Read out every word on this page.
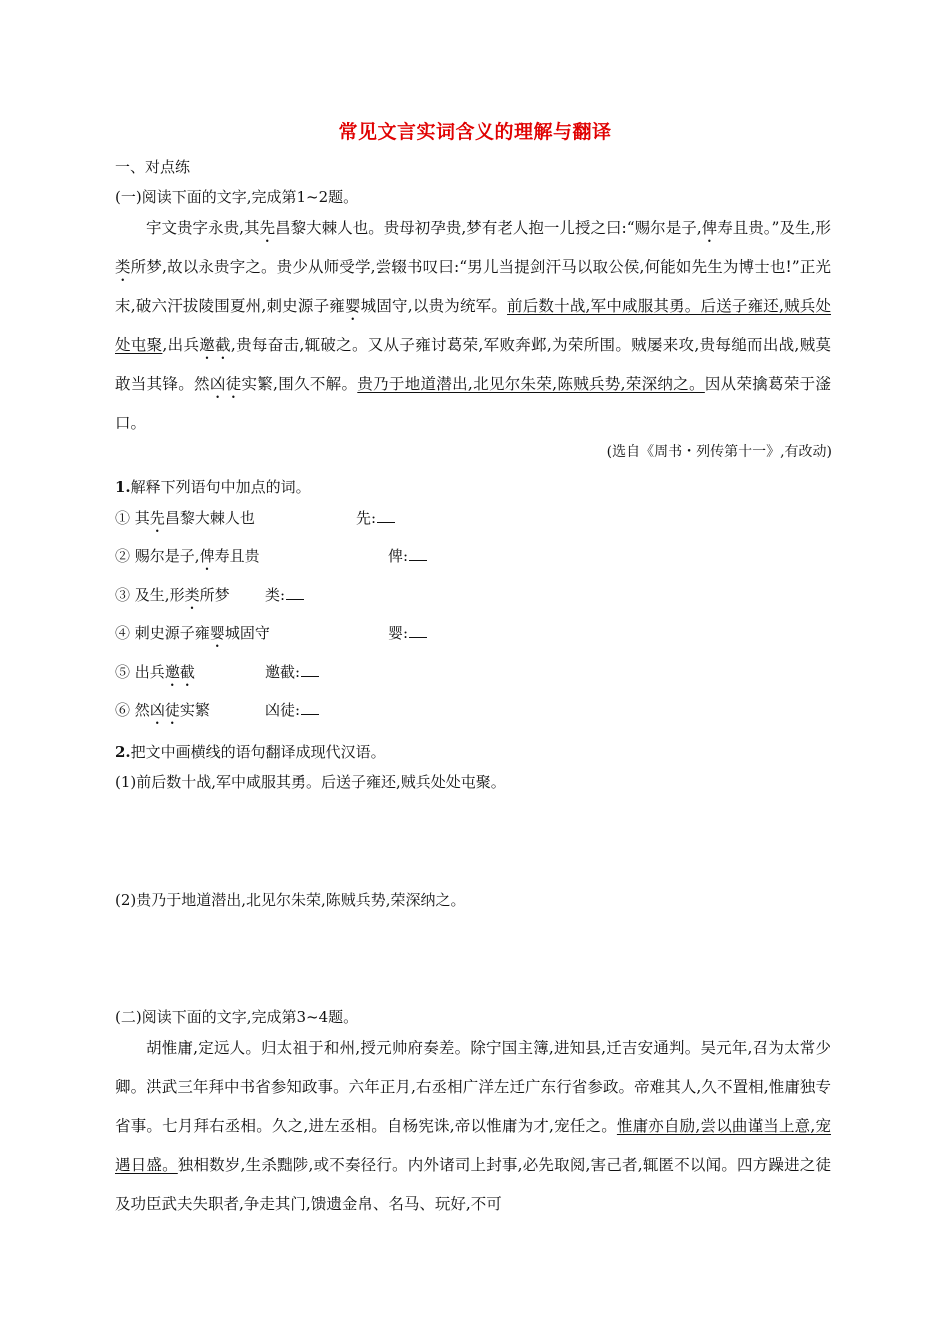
常见文言实词含义的理解与翻译
一、对点练
(一)阅读下面的文字,完成第1~2题。
宇文贵字永贵,其先昌黎大棘人也。贵母初孕贵,梦有老人抱一儿授之曰:“赐尔是子,俾寿且贵。”及生,形类所梦,故以永贵字之。贵少从师受学,尝辍书叹曰:“男儿当提剑汗马以取公侯,何能如先生为博士也!”正光末,破六汗拔陵围夏州,刺史源子雍婴城固守,以贵为统军。前后数十战,军中咸服其勇。后送子雍还,贼兵处处屯聚,出兵邀截,贵每奋击,辄破之。又从子雍讨葛荣,军败奔邺,为荣所围。贼屡来攻,贵每缒而出战,贼莫敢当其锋。然凶徒实繁,围久不解。贵乃于地道潜出,北见尔朱荣,陈贼兵势,荣深纳之。因从荣擒葛荣于滏口。
(选自《周书・列传第十一》,有改动)
1.解释下列语句中加点的词。
① 其先昌黎大棘人也	先:
② 赐尔是子,俾寿且贵	俾:
③ 及生,形类所梦 类:
④ 刺史源子雍婴城固守	婴:
⑤ 出兵邀截	邀截:
⑥ 然凶徒实繁	凶徒:
2.把文中画横线的语句翻译成现代汉语。
(1)前后数十战,军中咸服其勇。后送子雍还,贼兵处处屯聚。
(2)贵乃于地道潜出,北见尔朱荣,陈贼兵势,荣深纳之。
(二)阅读下面的文字,完成第3~4题。
胡惟庸,定远人。归太祖于和州,授元帅府奏差。除宁国主簿,进知县,迁吉安通判。吴元年,召为太常少卿。洪武三年拜中书省参知政事。六年正月,右丞相广洋左迁广东行省参政。帝难其人,久不置相,惟庸独专省事。七月拜右丞相。久之,进左丞相。自杨宪诛,帝以惟庸为才,宠任之。惟庸亦自励,尝以曲谨当上意,宠遇日盛。独相数岁,生杀黜陟,或不奏径行。内外诸司上封事,必先取阅,害己者,辄匿不以闻。四方躁进之徒及功臣武夫失职者,争走其门,馈遗金帛、名马、玩好,不可
